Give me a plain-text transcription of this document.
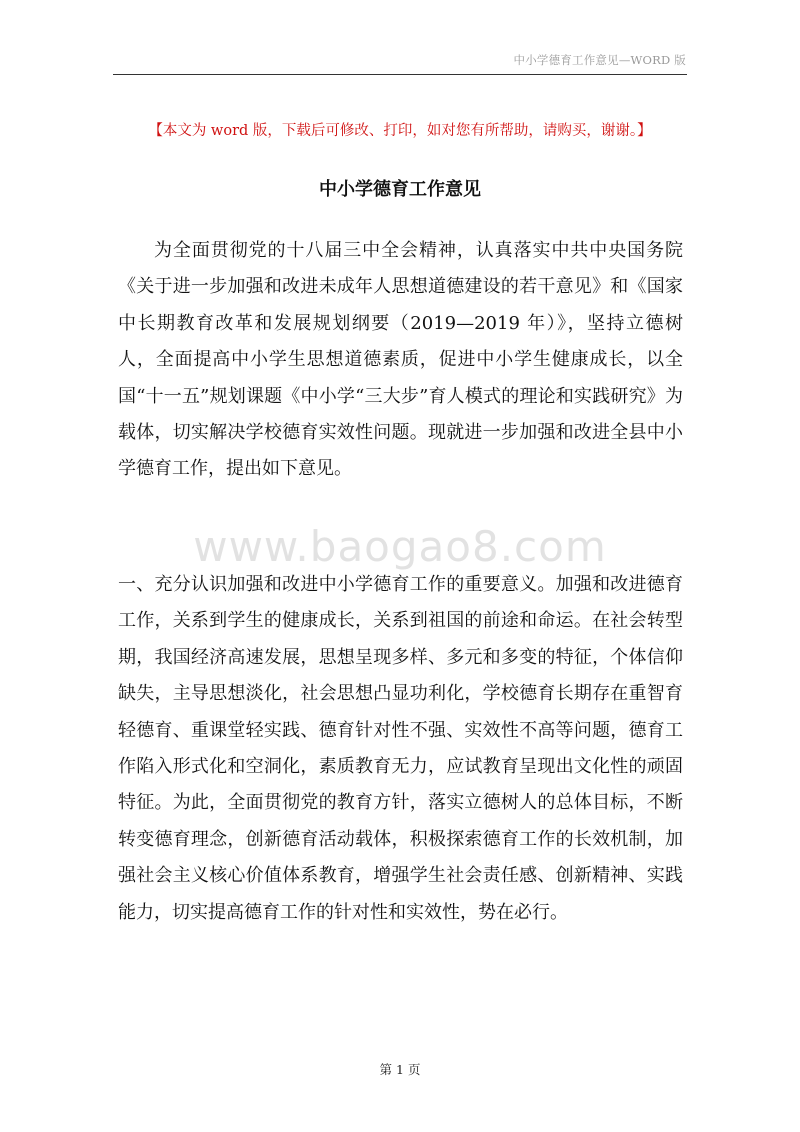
中小学德育工作意见—WORD 版
【本文为 word 版，下载后可修改、打印，如对您有所帮助，请购买，谢谢。】
中小学德育工作意见

为全面贯彻党的十八届三中全会精神，认真落实中共中央国务院《关于进一步加强和改进未成年人思想道德建设的若干意见》和《国家中长期教育改革和发展规划纲要（2019—2019 年）》，坚持立德树人，全面提高中小学生思想道德素质，促进中小学生健康成长，以全国“十一五”规划课题《中小学“三大步”育人模式的理论和实践研究》为载体，切实解决学校德育实效性问题。现就进一步加强和改进全县中小学德育工作，提出如下意见。

www.baogao8.com

一、充分认识加强和改进中小学德育工作的重要意义。加强和改进德育工作，关系到学生的健康成长，关系到祖国的前途和命运。在社会转型期，我国经济高速发展，思想呈现多样、多元和多变的特征，个体信仰缺失，主导思想淡化，社会思想凸显功利化，学校德育长期存在重智育轻德育、重课堂轻实践、德育针对性不强、实效性不高等问题，德育工作陷入形式化和空洞化，素质教育无力，应试教育呈现出文化性的顽固特征。为此，全面贯彻党的教育方针，落实立德树人的总体目标，不断转变德育理念，创新德育活动载体，积极探索德育工作的长效机制，加强社会主义核心价值体系教育，增强学生社会责任感、创新精神、实践能力，切实提高德育工作的针对性和实效性，势在必行。

第 1 页
